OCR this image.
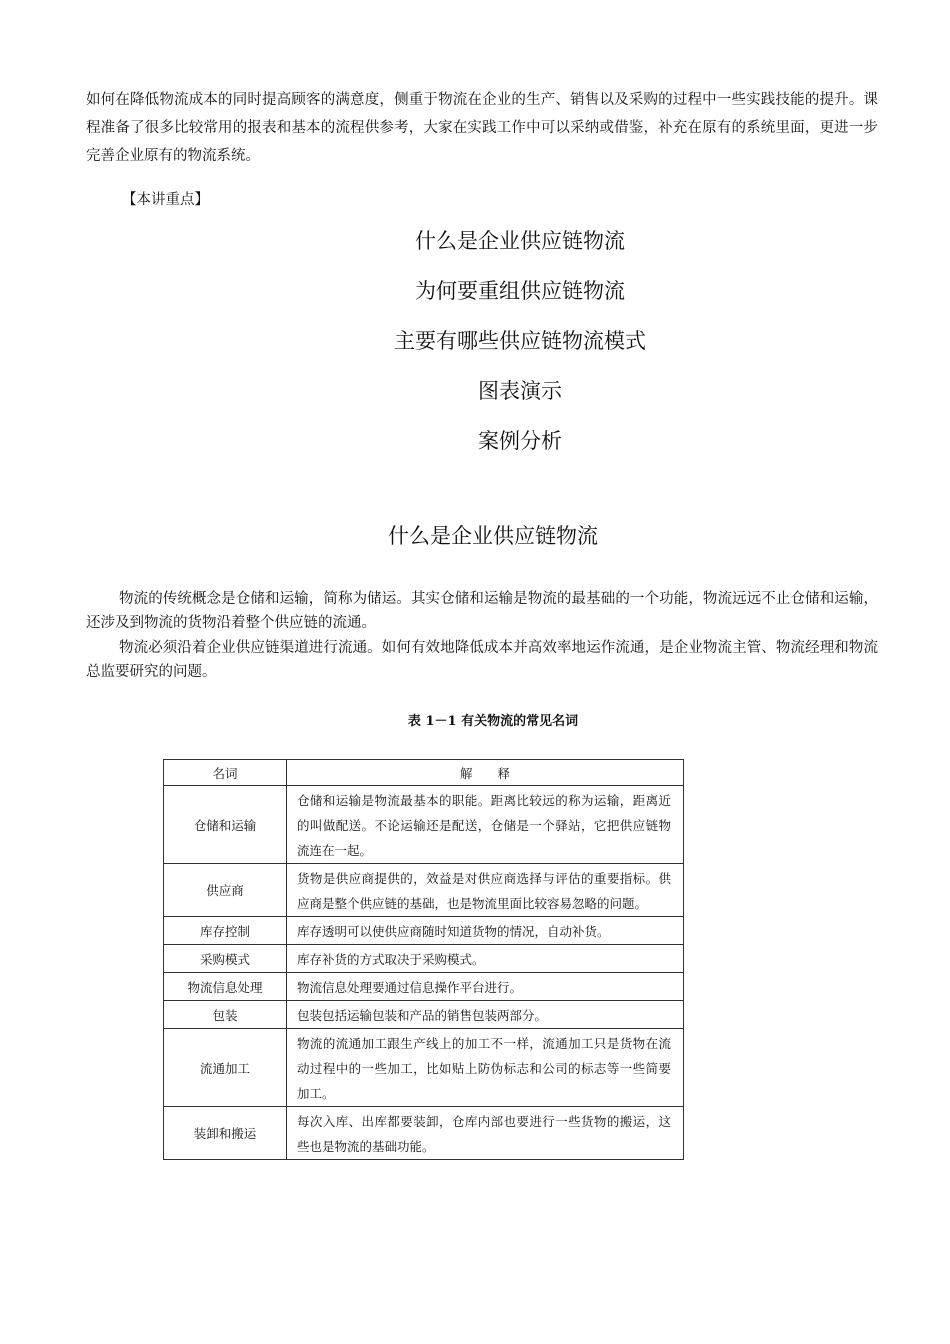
如何在降低物流成本的同时提高顾客的满意度，侧重于物流在企业的生产、销售以及采购的过程中一些实践技能的提升。课程准备了很多比较常用的报表和基本的流程供参考，大家在实践工作中可以采纳或借鉴，补充在原有的系统里面，更进一步完善企业原有的物流系统。

【本讲重点】
什么是企业供应链物流
为何要重组供应链物流
主要有哪些供应链物流模式
图表演示
案例分析
什么是企业供应链物流

物流的传统概念是仓储和运输，简称为储运。其实仓储和运输是物流的最基础的一个功能，物流远远不止仓储和运输，还涉及到物流的货物沿着整个供应链的流通。

物流必须沿着企业供应链渠道进行流通。如何有效地降低成本并高效率地运作流通，是企业物流主管、物流经理和物流总监要研究的问题。

表 1－1 有关物流的常见名词
名词	解　　释
仓储和运输	仓储和运输是物流最基本的职能。距离比较远的称为运输，距离近的叫做配送。不论运输还是配送，仓储是一个驿站，它把供应链物流连在一起。
供应商	货物是供应商提供的，效益是对供应商选择与评估的重要指标。供应商是整个供应链的基础，也是物流里面比较容易忽略的问题。
库存控制	库存透明可以使供应商随时知道货物的情况，自动补货。
采购模式	库存补货的方式取决于采购模式。
物流信息处理	物流信息处理要通过信息操作平台进行。
包装	包装包括运输包装和产品的销售包装两部分。
流通加工	物流的流通加工跟生产线上的加工不一样，流通加工只是货物在流动过程中的一些加工，比如贴上防伪标志和公司的标志等一些简要加工。
装卸和搬运	每次入库、出库都要装卸，仓库内部也要进行一些货物的搬运，这些也是物流的基础功能。
